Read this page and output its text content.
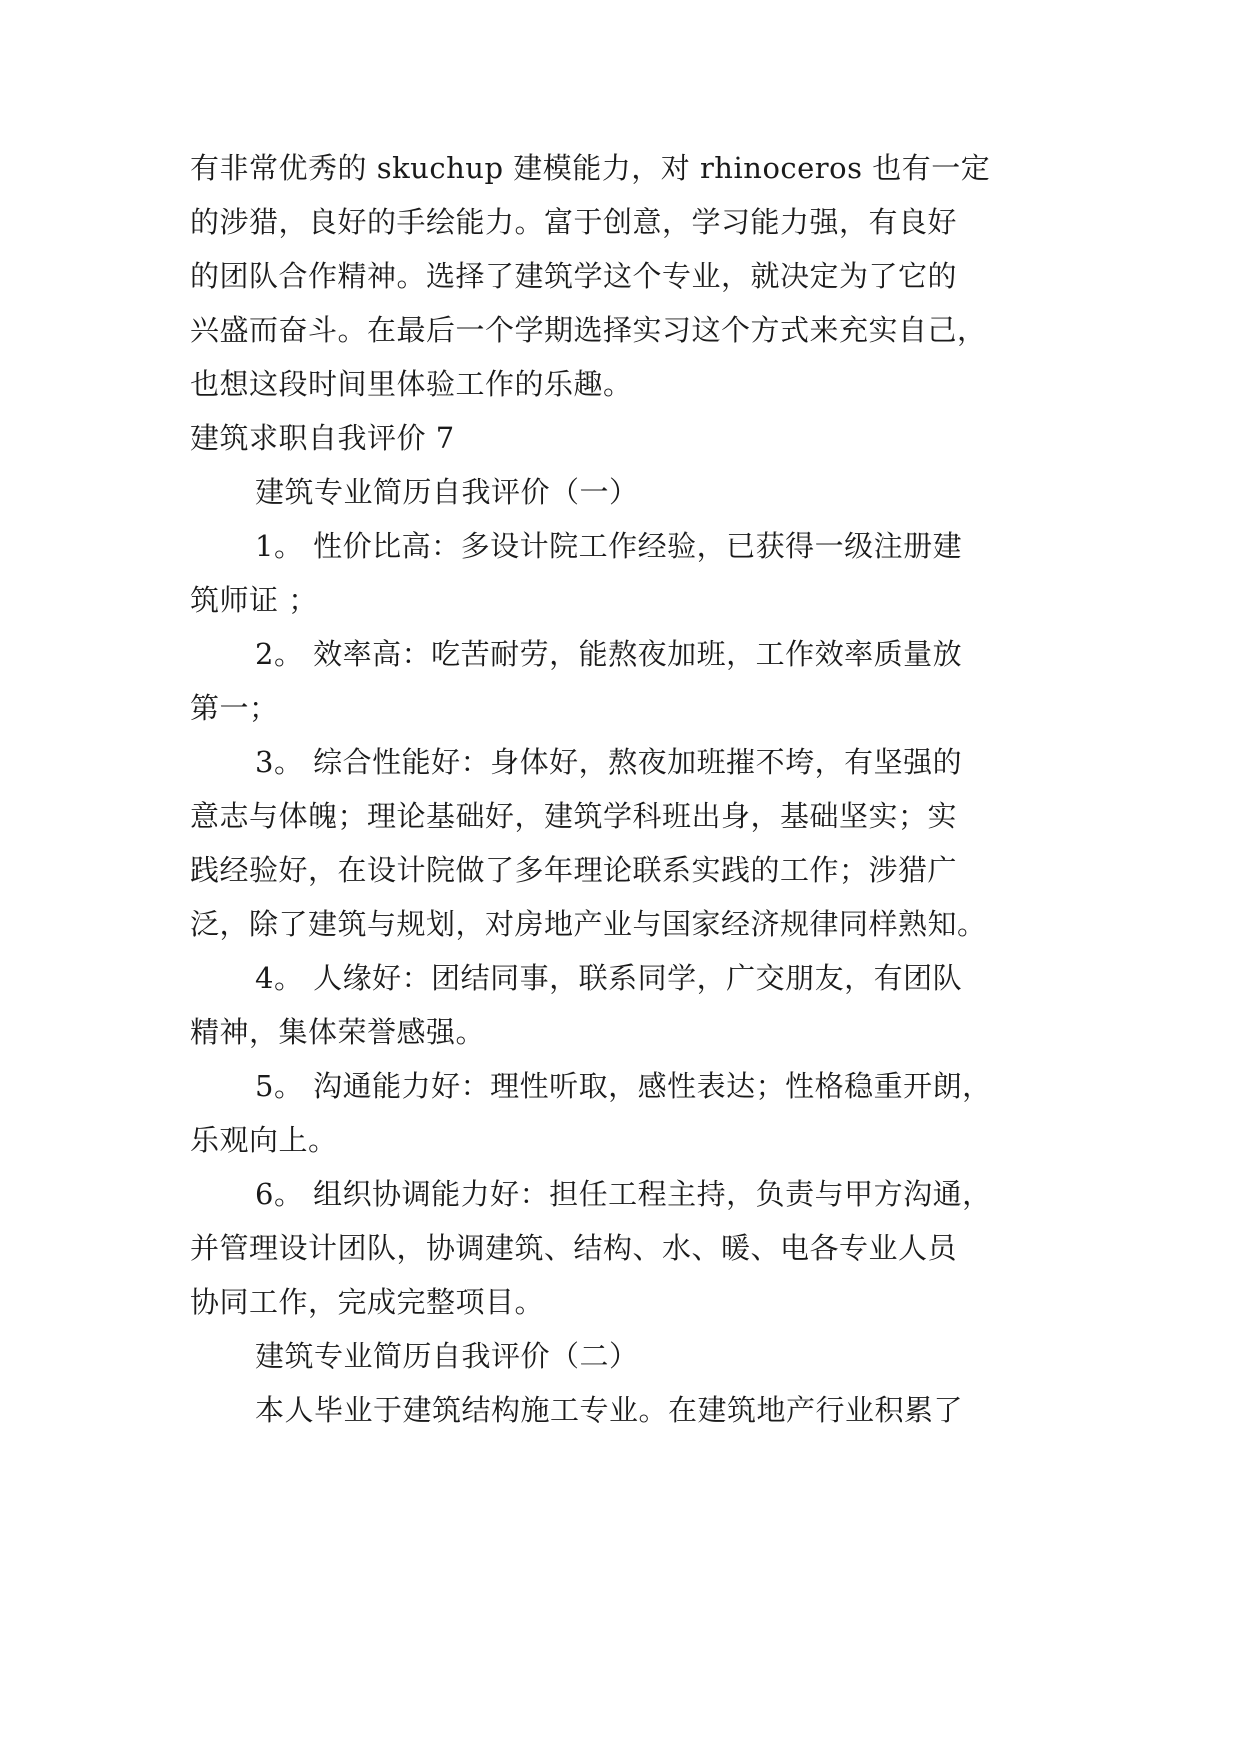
有非常优秀的 skuchup 建模能力，对 rhinoceros 也有一定
的涉猎，良好的手绘能力。富于创意，学习能力强，有良好
的团队合作精神。选择了建筑学这个专业，就决定为了它的
兴盛而奋斗。在最后一个学期选择实习这个方式来充实自己，
也想这段时间里体验工作的乐趣。
建筑求职自我评价 7
建筑专业简历自我评价（一）
1。 性价比高：多设计院工作经验，已获得一级注册建
筑师证 ；
2。 效率高：吃苦耐劳，能熬夜加班，工作效率质量放
第一；
3。 综合性能好：身体好，熬夜加班摧不垮，有坚强的
意志与体魄；理论基础好，建筑学科班出身，基础坚实；实
践经验好，在设计院做了多年理论联系实践的工作；涉猎广
泛，除了建筑与规划，对房地产业与国家经济规律同样熟知。
4。 人缘好：团结同事，联系同学，广交朋友，有团队
精神，集体荣誉感强。
5。 沟通能力好：理性听取，感性表达；性格稳重开朗，
乐观向上。
6。 组织协调能力好：担任工程主持，负责与甲方沟通，
并管理设计团队，协调建筑、结构、水、暖、电各专业人员
协同工作，完成完整项目。
建筑专业简历自我评价（二）
本人毕业于建筑结构施工专业。在建筑地产行业积累了
